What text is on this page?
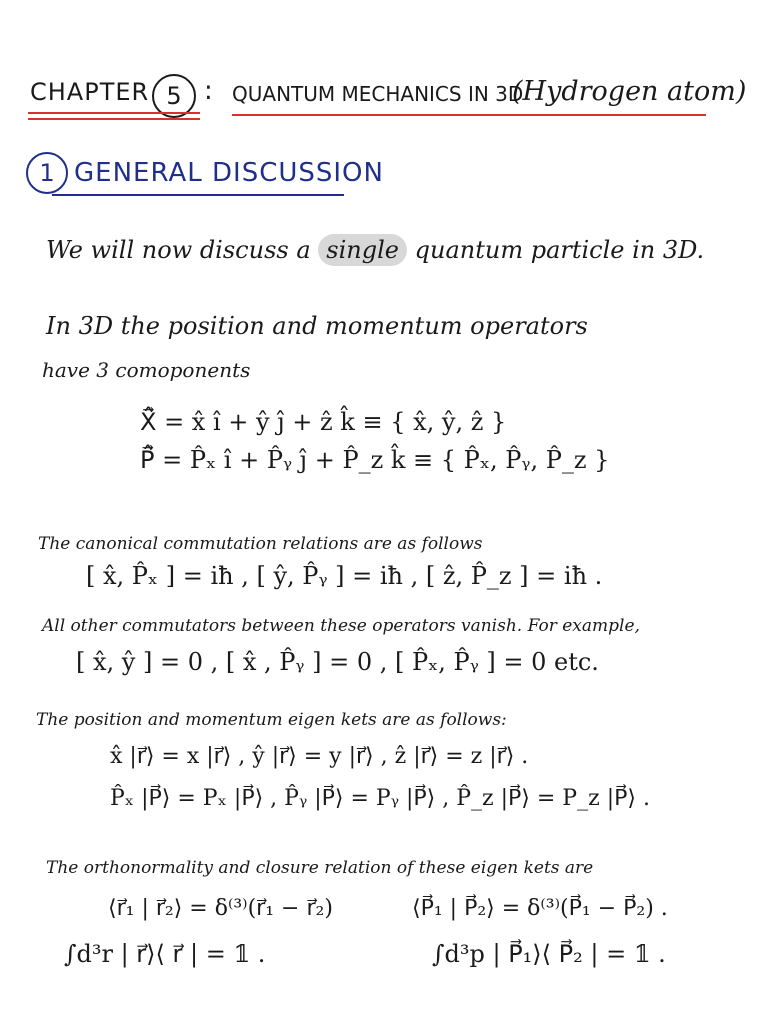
CHAPTER 5 : QUANTUM MECHANICS IN 3D
(Hydrogen atom)
1 GENERAL DISCUSSION
We will now discuss a single quantum particle in 3D.
In 3D the position and momentum operators
have 3 comoponents
X⃗̂ = x̂ î + ŷ ĵ + ẑ k̂ ≡ { x̂, ŷ, ẑ }
P⃗̂ = P̂ₓ î + P̂ᵧ ĵ + P̂_z k̂ ≡ { P̂ₓ, P̂ᵧ, P̂_z }
The canonical commutation relations are as follows
[ x̂, P̂ₓ ] = iħ , [ ŷ, P̂ᵧ ] = iħ , [ ẑ, P̂_z ] = iħ .
All other commutators between these operators vanish. For example,
[ x̂, ŷ ] = 0 , [ x̂ , P̂ᵧ ] = 0 , [ P̂ₓ, P̂ᵧ ] = 0 etc.
The position and momentum eigen kets are as follows:
x̂ |r⃗⟩ = x |r⃗⟩ , ŷ |r⃗⟩ = y |r⃗⟩ , ẑ |r⃗⟩ = z |r⃗⟩ .
P̂ₓ |P⃗⟩ = Pₓ |P⃗⟩ , P̂ᵧ |P⃗⟩ = Pᵧ |P⃗⟩ , P̂_z |P⃗⟩ = P_z |P⃗⟩ .
The orthonormality and closure relation of these eigen kets are
⟨r⃗₁ | r⃗₂⟩ = δ⁽³⁾(r⃗₁ − r⃗₂)	⟨P⃗₁ | P⃗₂⟩ = δ⁽³⁾(P⃗₁ − P⃗₂) .
∫d³r | r⃗⟩⟨ r⃗ | = 𝟙 .	∫d³p | P⃗₁⟩⟨ P⃗₂ | = 𝟙 .
